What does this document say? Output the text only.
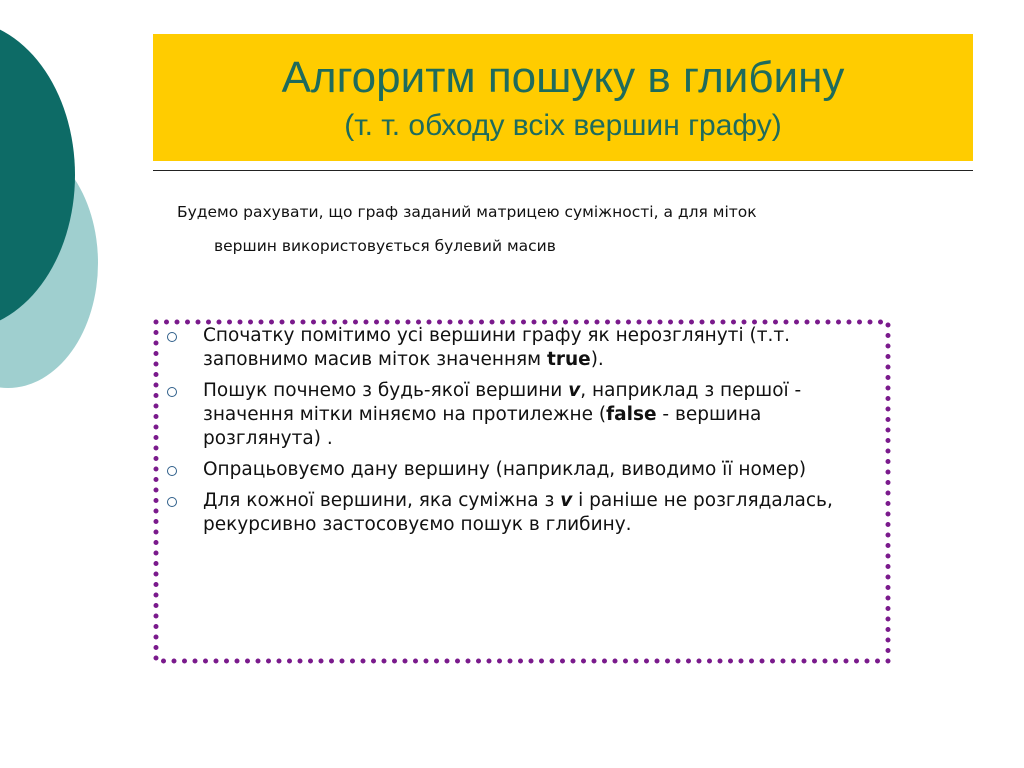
Алгоритм пошуку в глибину
(т. т. обходу всіх вершин графу)
Будемо рахувати, що граф заданий матрицею суміжності, а для міток
вершин використовується булевий масив
Спочатку помітимо усі вершини графу як нерозглянуті (т.т. заповнимо масив міток значенням true).
Пошук почнемо з будь-якої вершини v, наприклад з першої - значення мітки міняємо на протилежне (false - вершина розглянута) .
Опрацьовуємо дану вершину (наприклад, виводимо її номер)
Для кожної вершини, яка суміжна з v і раніше не розглядалась, рекурсивно застосовуємо пошук в глибину.
